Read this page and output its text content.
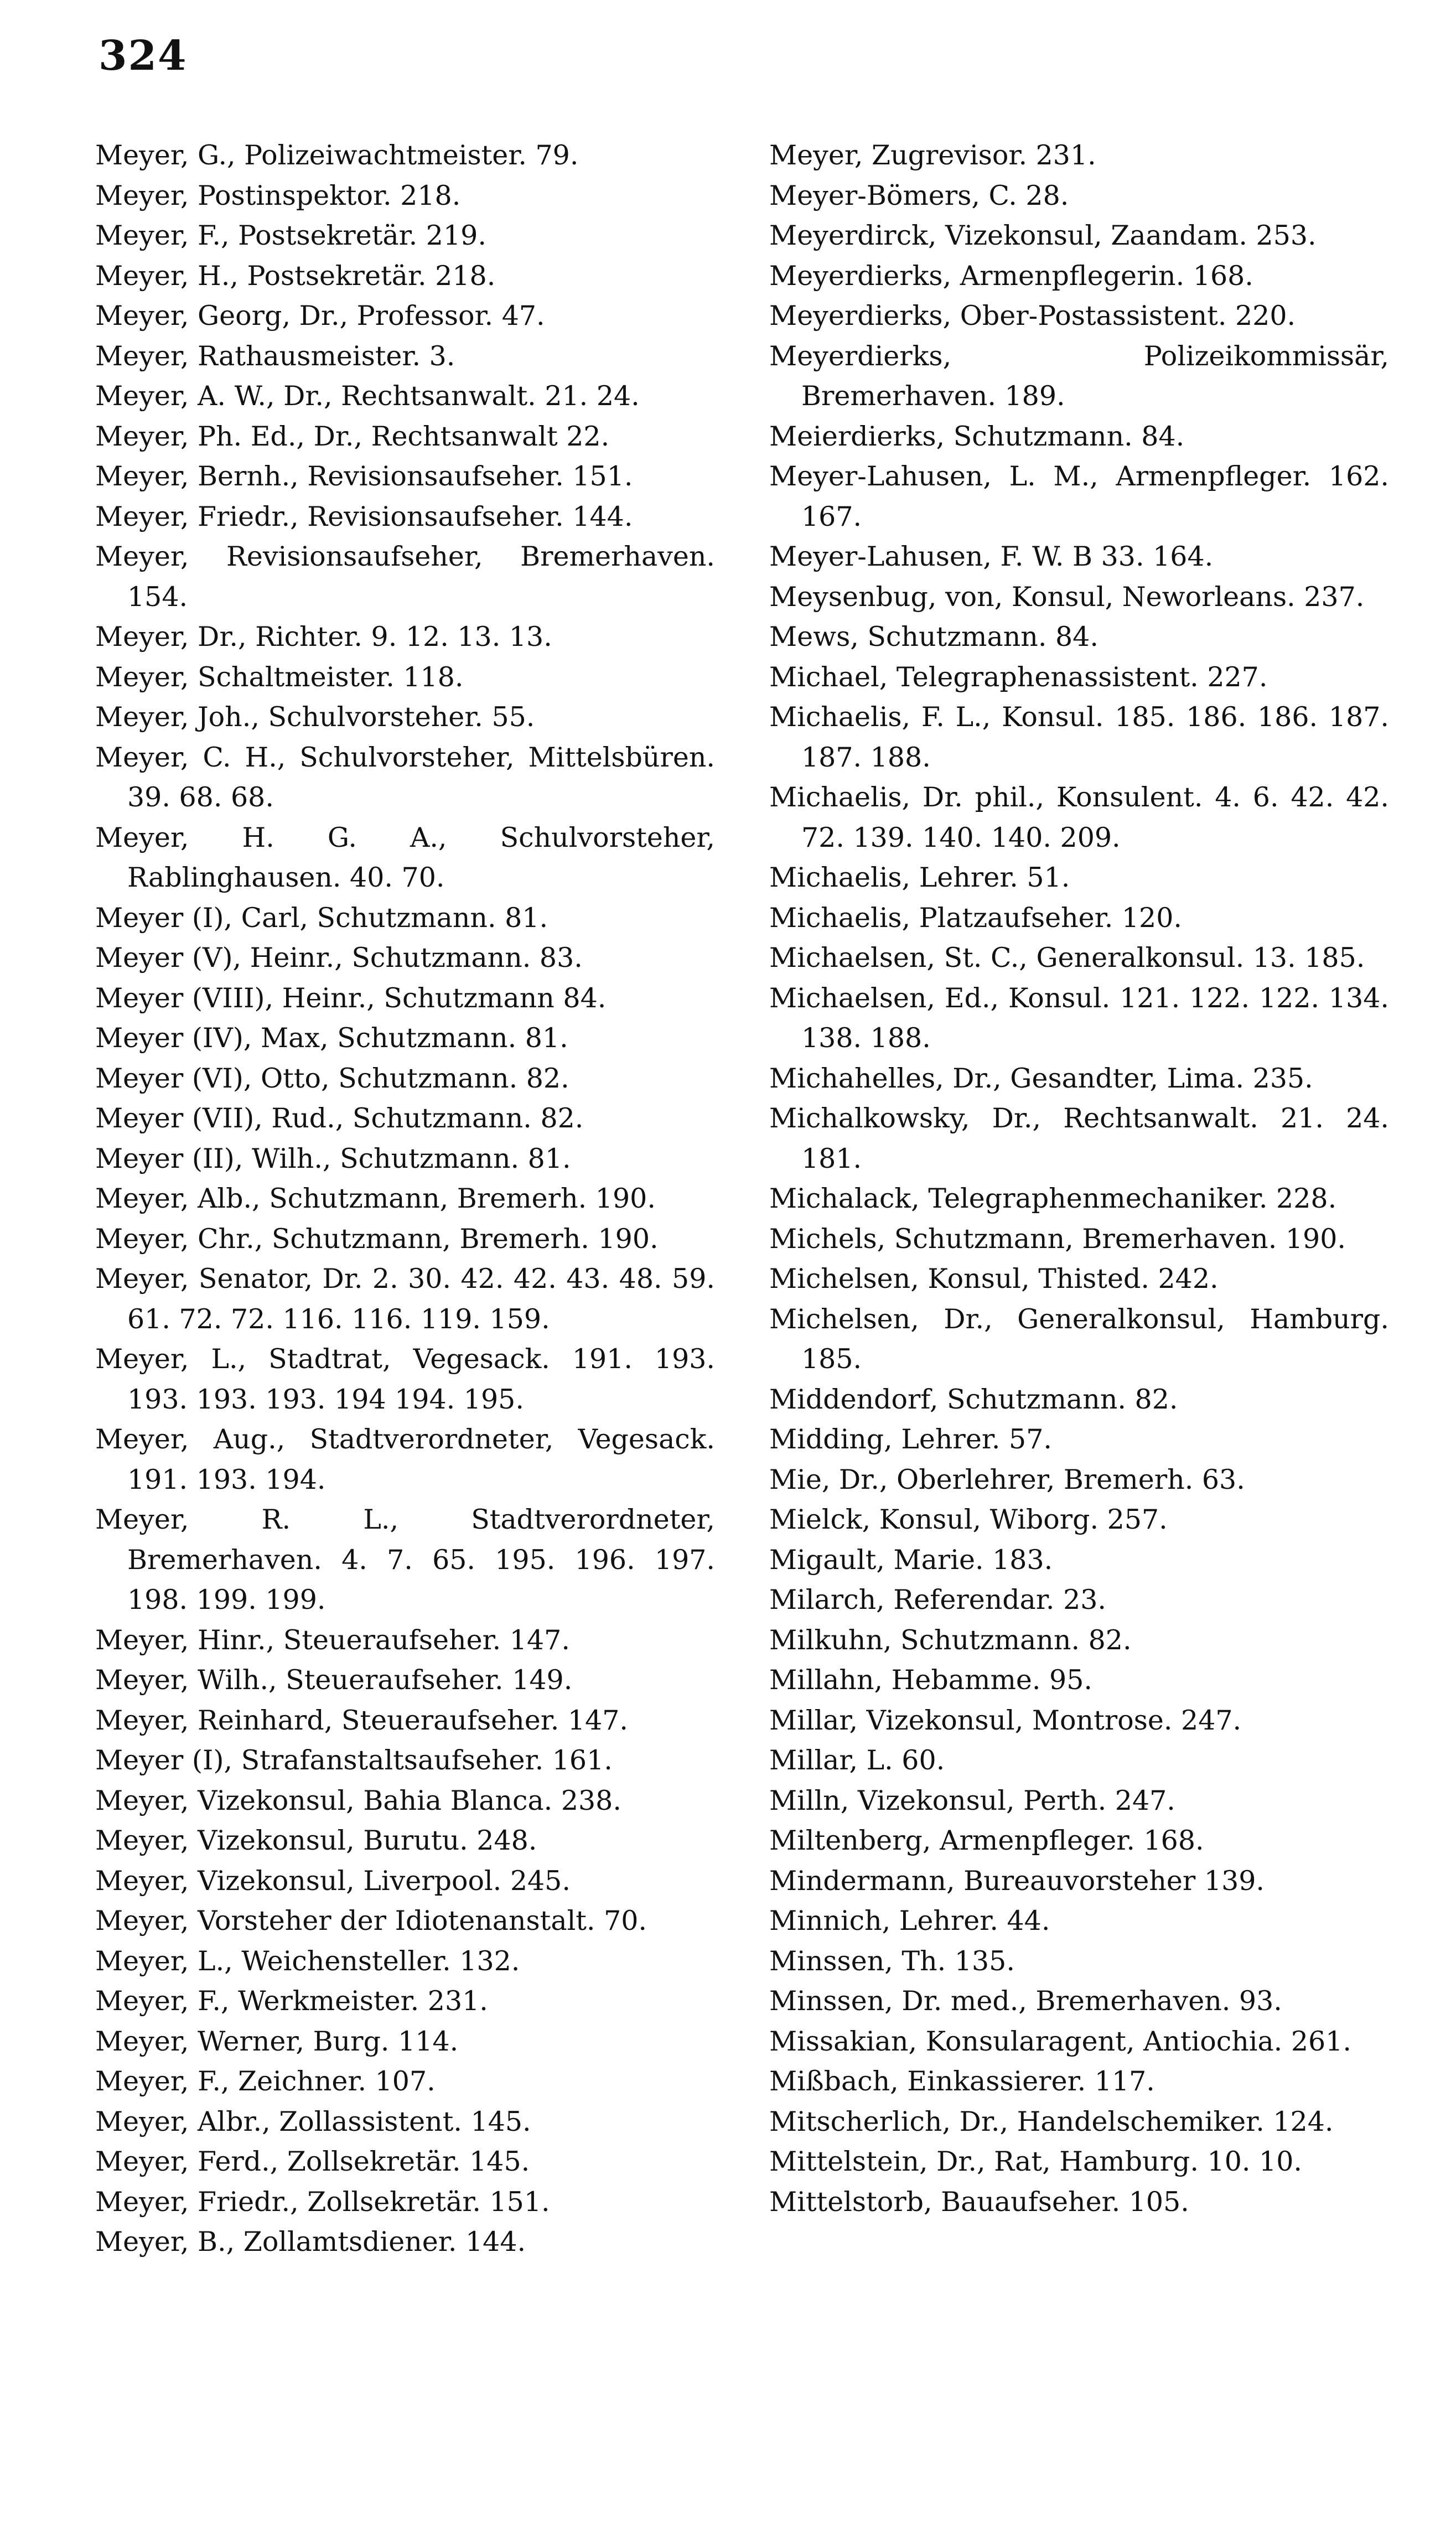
324
Meyer, G., Polizeiwachtmeister. 79.
Meyer, Postinspektor. 218.
Meyer, F., Postsekretär. 219.
Meyer, H., Postsekretär. 218.
Meyer, Georg, Dr., Professor. 47.
Meyer, Rathausmeister. 3.
Meyer, A. W., Dr., Rechtsanwalt. 21. 24.
Meyer, Ph. Ed., Dr., Rechtsanwalt 22.
Meyer, Bernh., Revisionsaufseher. 151.
Meyer, Friedr., Revisionsaufseher. 144.
Meyer, Revisionsaufseher, Bremerhaven. 154.
Meyer, Dr., Richter. 9. 12. 13. 13.
Meyer, Schaltmeister. 118.
Meyer, Joh., Schulvorsteher. 55.
Meyer, C. H., Schulvorsteher, Mittelsbüren. 39. 68. 68.
Meyer, H. G. A., Schulvorsteher, Rablinghausen. 40. 70.
Meyer (I), Carl, Schutzmann. 81.
Meyer (V), Heinr., Schutzmann. 83.
Meyer (VIII), Heinr., Schutzmann 84.
Meyer (IV), Max, Schutzmann. 81.
Meyer (VI), Otto, Schutzmann. 82.
Meyer (VII), Rud., Schutzmann. 82.
Meyer (II), Wilh., Schutzmann. 81.
Meyer, Alb., Schutzmann, Bremerh. 190.
Meyer, Chr., Schutzmann, Bremerh. 190.
Meyer, Senator, Dr. 2. 30. 42. 42. 43. 48. 59. 61. 72. 72. 116. 116. 119. 159.
Meyer, L., Stadtrat, Vegesack. 191. 193. 193. 193. 193. 194 194. 195.
Meyer, Aug., Stadtverordneter, Vegesack. 191. 193. 194.
Meyer, R. L., Stadtverordneter, Bremerhaven. 4. 7. 65. 195. 196. 197. 198. 199. 199.
Meyer, Hinr., Steueraufseher. 147.
Meyer, Wilh., Steueraufseher. 149.
Meyer, Reinhard, Steueraufseher. 147.
Meyer (I), Strafanstaltsaufseher. 161.
Meyer, Vizekonsul, Bahia Blanca. 238.
Meyer, Vizekonsul, Burutu. 248.
Meyer, Vizekonsul, Liverpool. 245.
Meyer, Vorsteher der Idiotenanstalt. 70.
Meyer, L., Weichensteller. 132.
Meyer, F., Werkmeister. 231.
Meyer, Werner, Burg. 114.
Meyer, F., Zeichner. 107.
Meyer, Albr., Zollassistent. 145.
Meyer, Ferd., Zollsekretär. 145.
Meyer, Friedr., Zollsekretär. 151.
Meyer, B., Zollamtsdiener. 144.
Meyer, Zugrevisor. 231.
Meyer-Bömers, C. 28.
Meyerdirck, Vizekonsul, Zaandam. 253.
Meyerdierks, Armenpflegerin. 168.
Meyerdierks, Ober-Postassistent. 220.
Meyerdierks, Polizeikommissär, Bremerhaven. 189.
Meierdierks, Schutzmann. 84.
Meyer-Lahusen, L. M., Armenpfleger. 162. 167.
Meyer-Lahusen, F. W. B 33. 164.
Meysenbug, von, Konsul, Neworleans. 237.
Mews, Schutzmann. 84.
Michael, Telegraphenassistent. 227.
Michaelis, F. L., Konsul. 185. 186. 186. 187. 187. 188.
Michaelis, Dr. phil., Konsulent. 4. 6. 42. 42. 72. 139. 140. 140. 209.
Michaelis, Lehrer. 51.
Michaelis, Platzaufseher. 120.
Michaelsen, St. C., Generalkonsul. 13. 185.
Michaelsen, Ed., Konsul. 121. 122. 122. 134. 138. 188.
Michahelles, Dr., Gesandter, Lima. 235.
Michalkowsky, Dr., Rechtsanwalt. 21. 24. 181.
Michalack, Telegraphenmechaniker. 228.
Michels, Schutzmann, Bremerhaven. 190.
Michelsen, Konsul, Thisted. 242.
Michelsen, Dr., Generalkonsul, Hamburg. 185.
Middendorf, Schutzmann. 82.
Midding, Lehrer. 57.
Mie, Dr., Oberlehrer, Bremerh. 63.
Mielck, Konsul, Wiborg. 257.
Migault, Marie. 183.
Milarch, Referendar. 23.
Milkuhn, Schutzmann. 82.
Millahn, Hebamme. 95.
Millar, Vizekonsul, Montrose. 247.
Millar, L. 60.
Milln, Vizekonsul, Perth. 247.
Miltenberg, Armenpfleger. 168.
Mindermann, Bureauvorsteher 139.
Minnich, Lehrer. 44.
Minssen, Th. 135.
Minssen, Dr. med., Bremerhaven. 93.
Missakian, Konsularagent, Antiochia. 261.
Mißbach, Einkassierer. 117.
Mitscherlich, Dr., Handelschemiker. 124.
Mittelstein, Dr., Rat, Hamburg. 10. 10.
Mittelstorb, Bauaufseher. 105.
